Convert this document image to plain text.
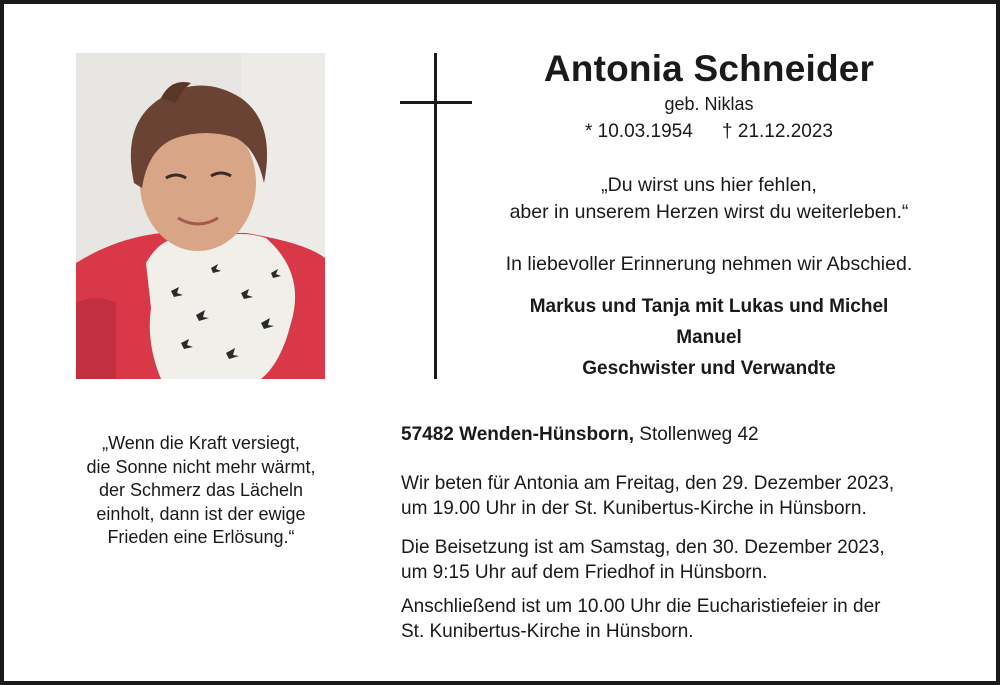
Antonia Schneider
geb. Niklas
* 10.03.1954 † 21.12.2023
„Du wirst uns hier fehlen,
aber in unserem Herzen wirst du weiterleben.“
In liebevoller Erinnerung nehmen wir Abschied.
Markus und Tanja mit Lukas und Michel
Manuel
Geschwister und Verwandte
„Wenn die Kraft versiegt,
die Sonne nicht mehr wärmt,
der Schmerz das Lächeln
einholt, dann ist der ewige
Frieden eine Erlösung.“
57482 Wenden-Hünsborn, Stollenweg 42
Wir beten für Antonia am Freitag, den 29. Dezember 2023,
um 19.00 Uhr in der St. Kunibertus-Kirche in Hünsborn.
Die Beisetzung ist am Samstag, den 30. Dezember 2023,
um 9:15 Uhr auf dem Friedhof in Hünsborn.
Anschließend ist um 10.00 Uhr die Eucharistiefeier in der
St. Kunibertus-Kirche in Hünsborn.
